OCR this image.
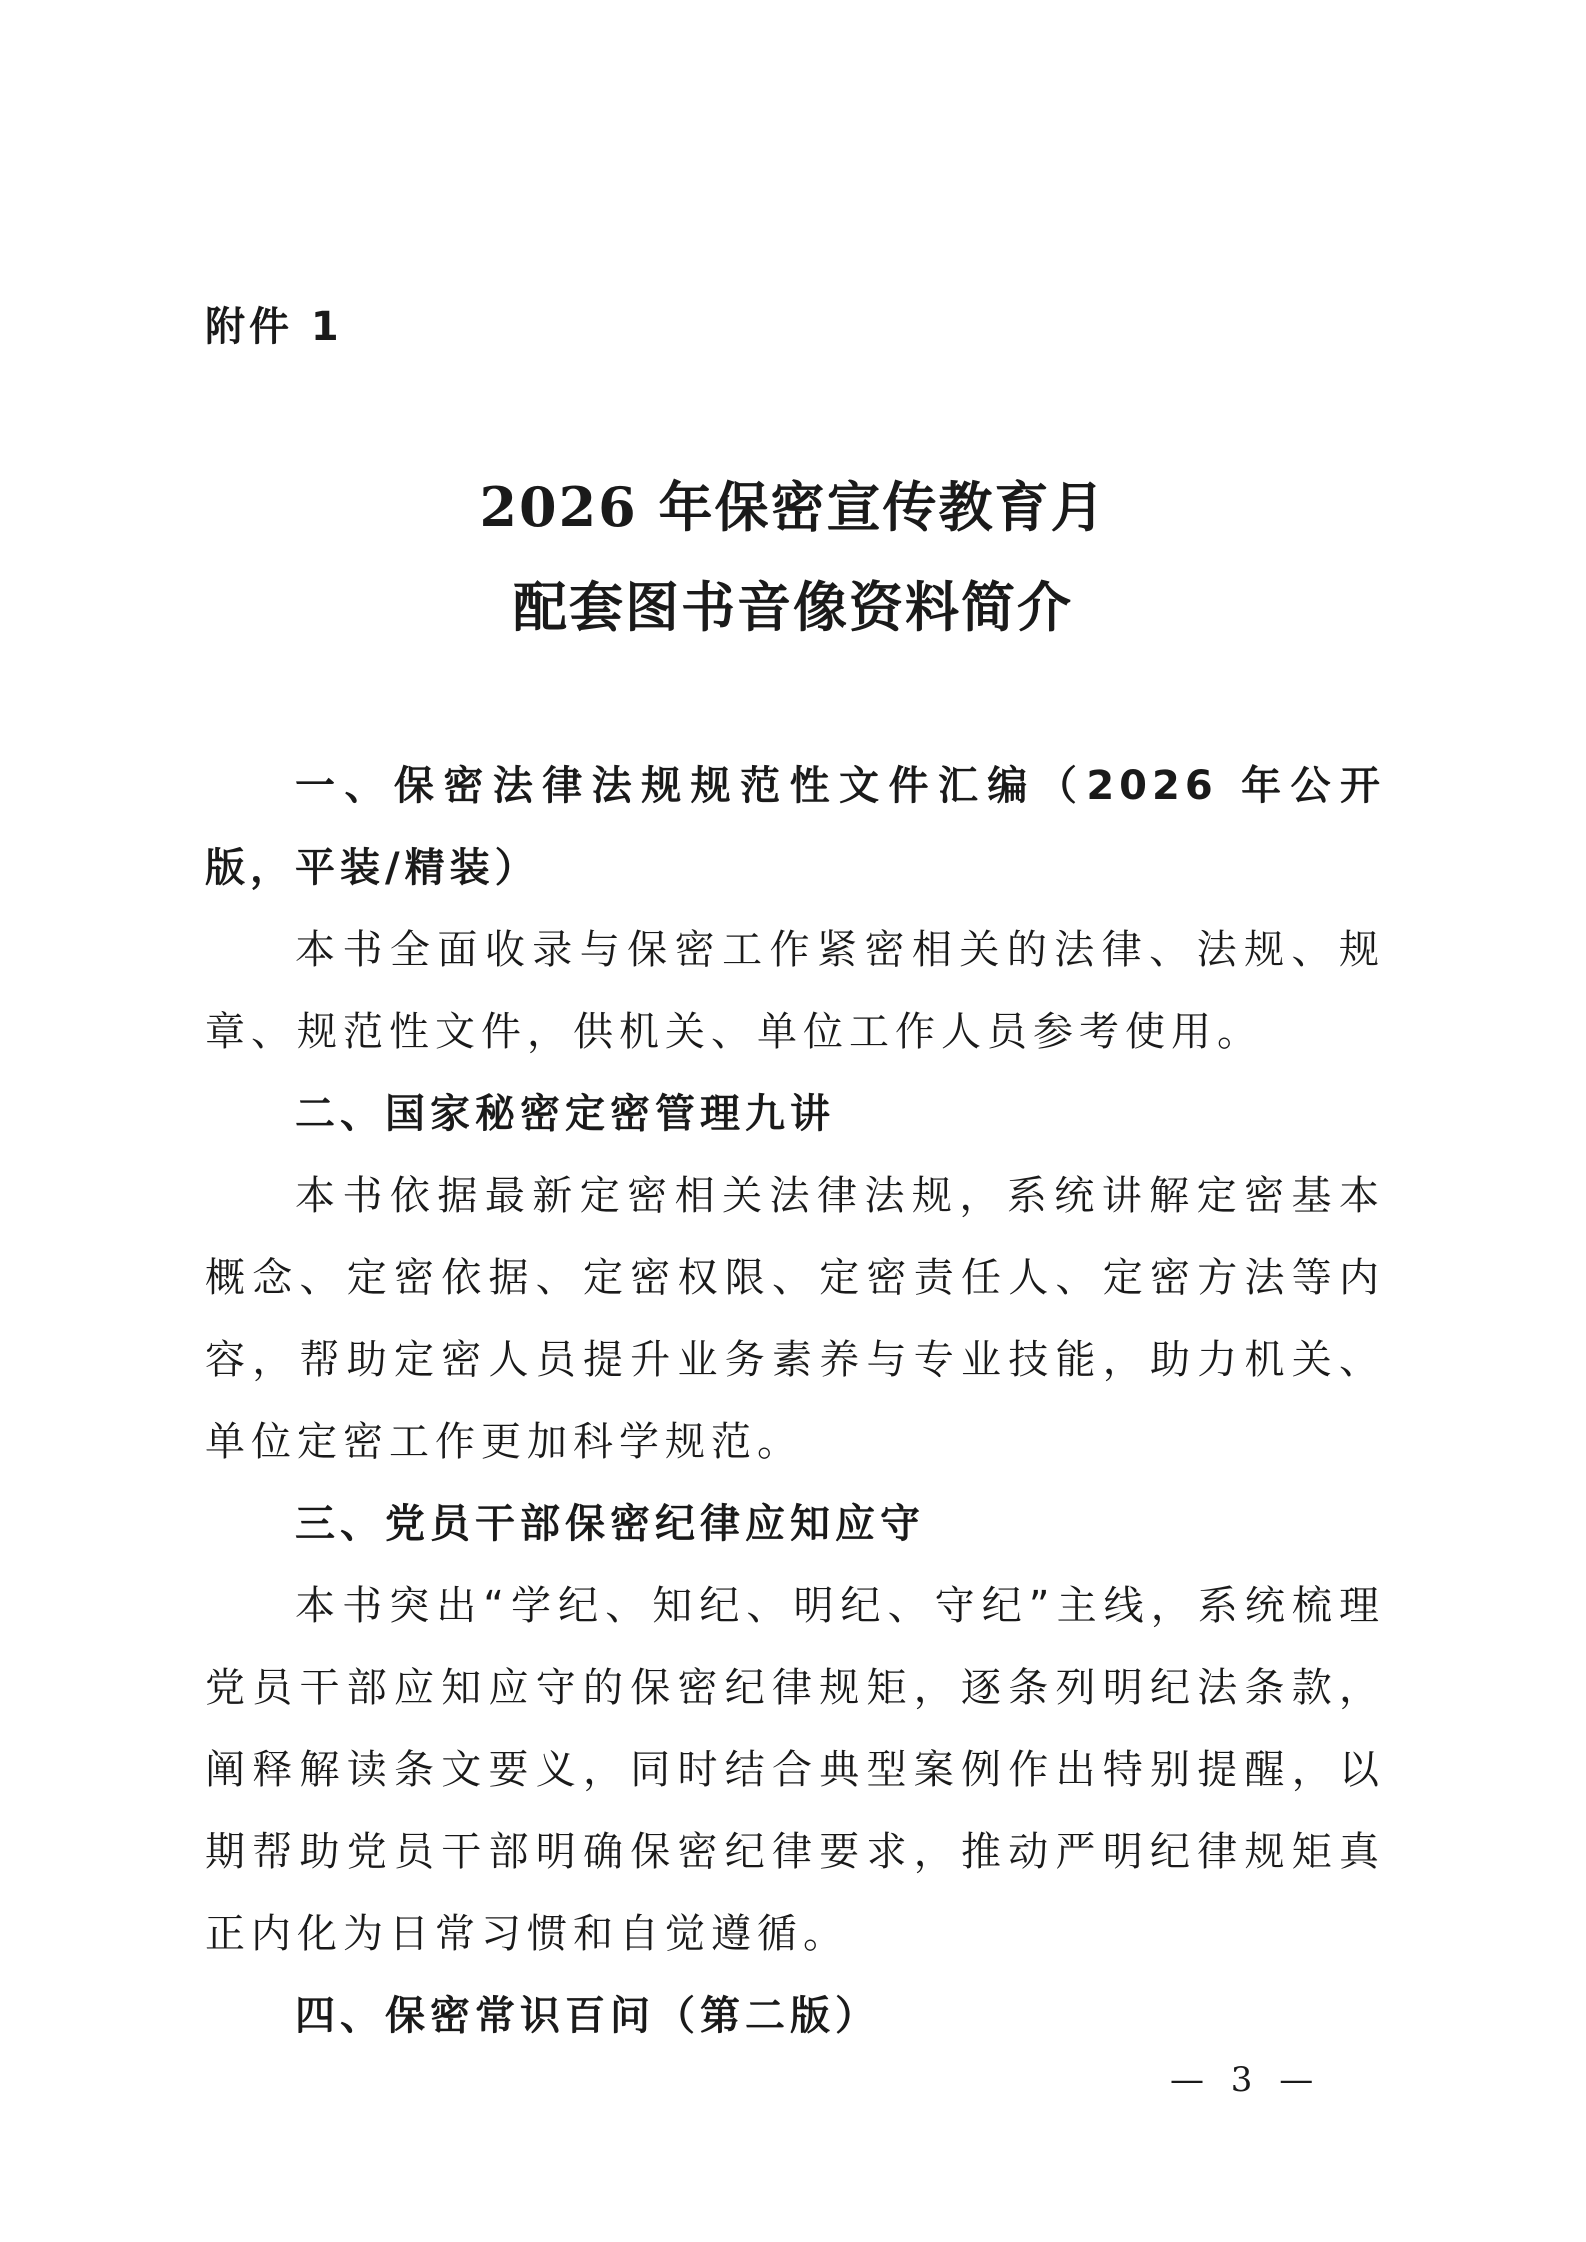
附件 1
2026 年保密宣传教育月
配套图书音像资料简介

一、保密法律法规规范性文件汇编（2026 年公开版，平装/精装）

本书全面收录与保密工作紧密相关的法律、法规、规章、规范性文件，供机关、单位工作人员参考使用。

二、国家秘密定密管理九讲

本书依据最新定密相关法律法规，系统讲解定密基本概念、定密依据、定密权限、定密责任人、定密方法等内容，帮助定密人员提升业务素养与专业技能，助力机关、单位定密工作更加科学规范。

三、党员干部保密纪律应知应守

本书突出“学纪、知纪、明纪、守纪”主线，系统梳理党员干部应知应守的保密纪律规矩，逐条列明纪法条款，阐释解读条文要义，同时结合典型案例作出特别提醒，以期帮助党员干部明确保密纪律要求，推动严明纪律规矩真正内化为日常习惯和自觉遵循。

四、保密常识百问（第二版）

— 3 —
